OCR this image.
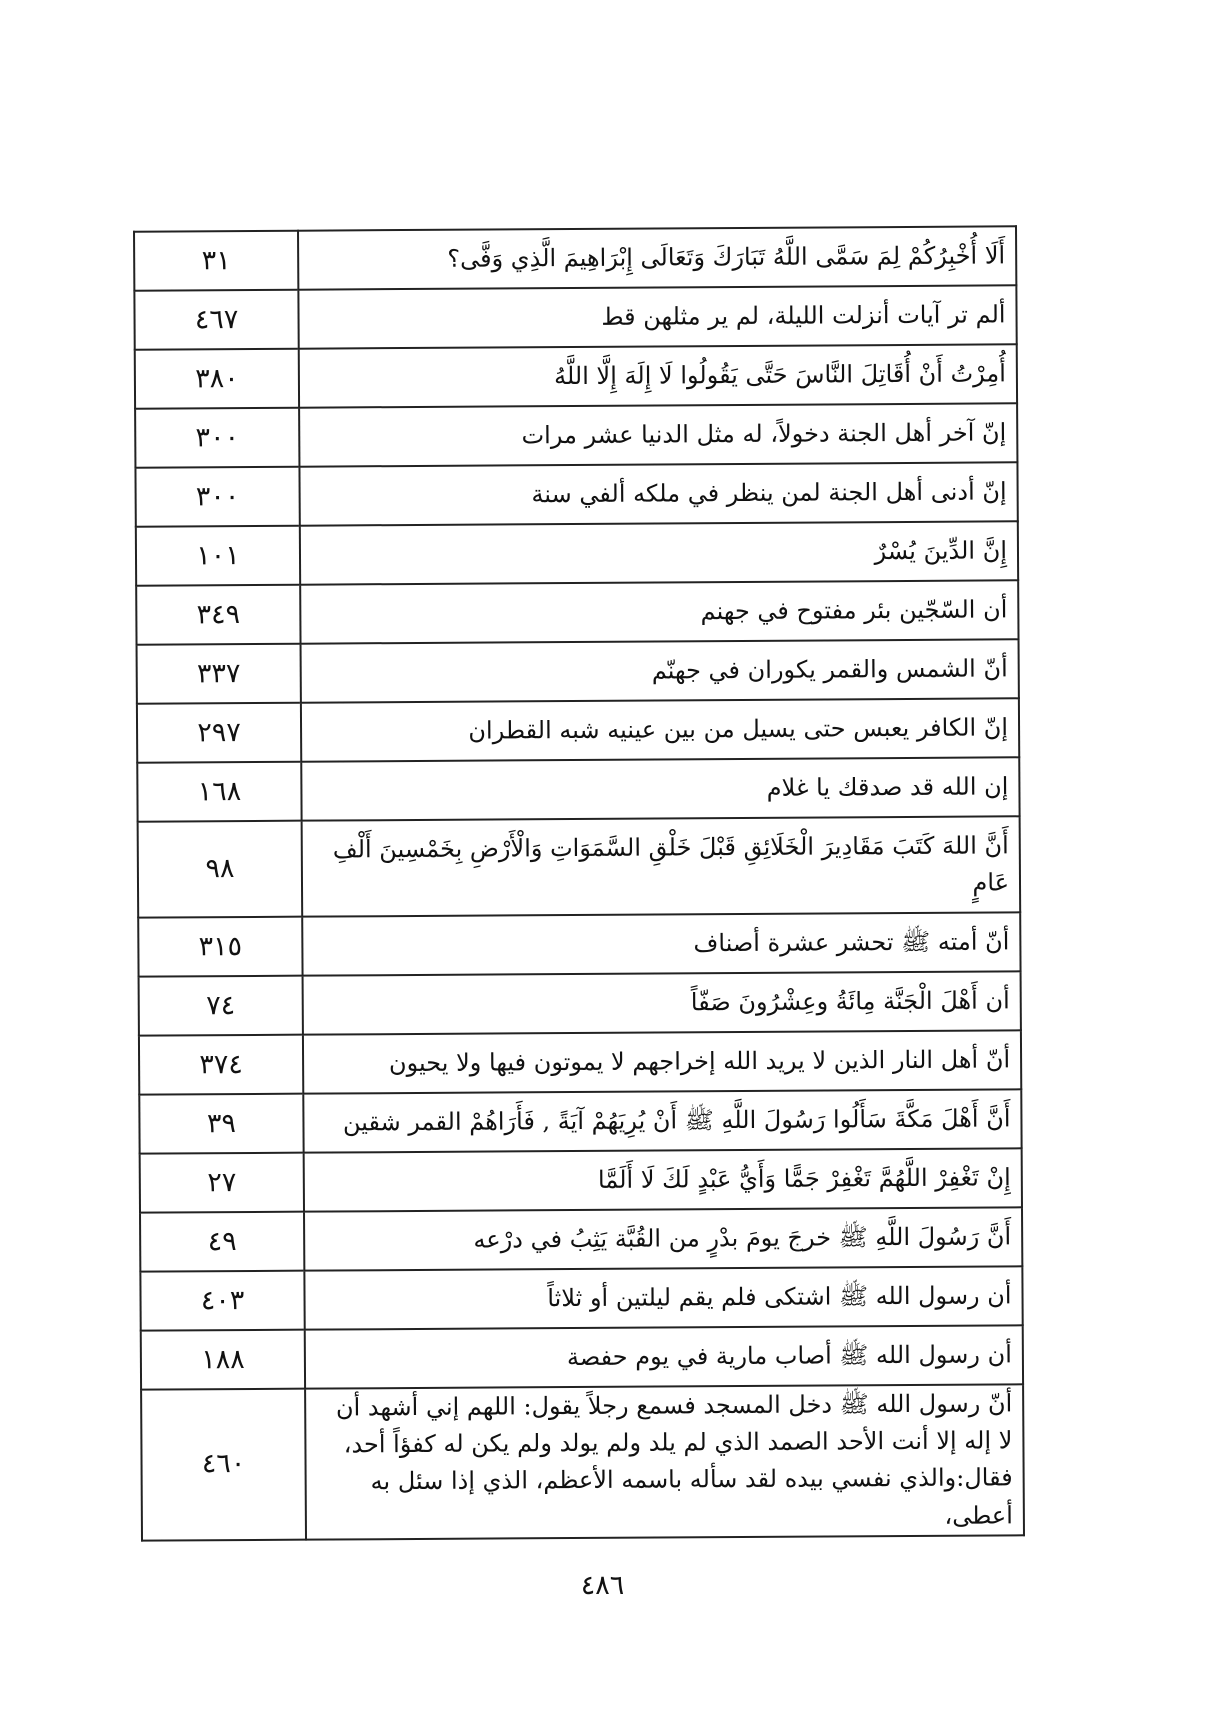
أَلَا أُخْبِرُكُمْ لِمَ سَمَّى اللَّهُ تَبَارَكَ وَتَعَالَى إِبْرَاهِيمَ الَّذِي وَفَّى؟	٣١
ألم تر آيات أنزلت الليلة، لم ير مثلهن قط	٤٦٧
أُمِرْتُ أَنْ أُقَاتِلَ النَّاسَ حَتَّى يَقُولُوا لَا إِلَهَ إِلَّا اللَّهُ	٣٨٠
إنّ آخر أهل الجنة دخولاً، له مثل الدنيا عشر مرات	٣٠٠
إنّ أدنى أهل الجنة لمن ينظر في ملكه ألفي سنة	٣٠٠
إِنَّ الدِّينَ يُسْرٌ	١٠١
أن السّجّين بئر مفتوح في جهنم	٣٤٩
أنّ الشمس والقمر يكوران في جهنّم	٣٣٧
إنّ الكافر يعبس حتى يسيل من بين عينيه شبه القطران	٢٩٧
إن الله قد صدقك يا غلام	١٦٨
أَنَّ اللهَ كَتَبَ مَقَادِيرَ الْخَلَائِقِ قَبْلَ خَلْقِ السَّمَوَاتِ وَالْأَرْضِ بِخَمْسِينَ أَلْفِ عَامٍ	٩٨
أنّ أمته ﷺ تحشر عشرة أصناف	٣١٥
أن أَهْلَ الْجَنَّة مِائَةُ وعِشْرُونَ صَفّاً	٧٤
أنّ أهل النار الذين لا يريد الله إخراجهم لا يموتون فيها ولا يحيون	٣٧٤
أَنَّ أَهْلَ مَكَّةَ سَأَلُوا رَسُولَ اللَّهِ ﷺ أَنْ يُرِيَهُمْ آيَةً , فَأَرَاهُمْ القمر شقين	٣٩
إِنْ تَغْفِرْ اللَّهُمَّ تَغْفِرْ جَمًّا وَأَيُّ عَبْدٍ لَكَ لَا أَلَمَّا	٢٧
أَنَّ رَسُولَ اللَّهِ ﷺ خرجَ يومَ بدْرٍ من القُبَّة يَثِبُ في درْعه	٤٩
أن رسول الله ﷺ اشتكى فلم يقم ليلتين أو ثلاثاً	٤٠٣
أن رسول الله ﷺ أصاب مارية في يوم حفصة	١٨٨
أنّ رسول الله ﷺ دخل المسجد فسمع رجلاً يقول: اللهم إني أشهد أن لا إله إلا أنت الأحد الصمد الذي لم يلد ولم يولد ولم يكن له كفؤاً أحد، فقال:والذي نفسي بيده لقد سأله باسمه الأعظم، الذي إذا سئل به أعطى،	٤٦٠
٤٨٦
